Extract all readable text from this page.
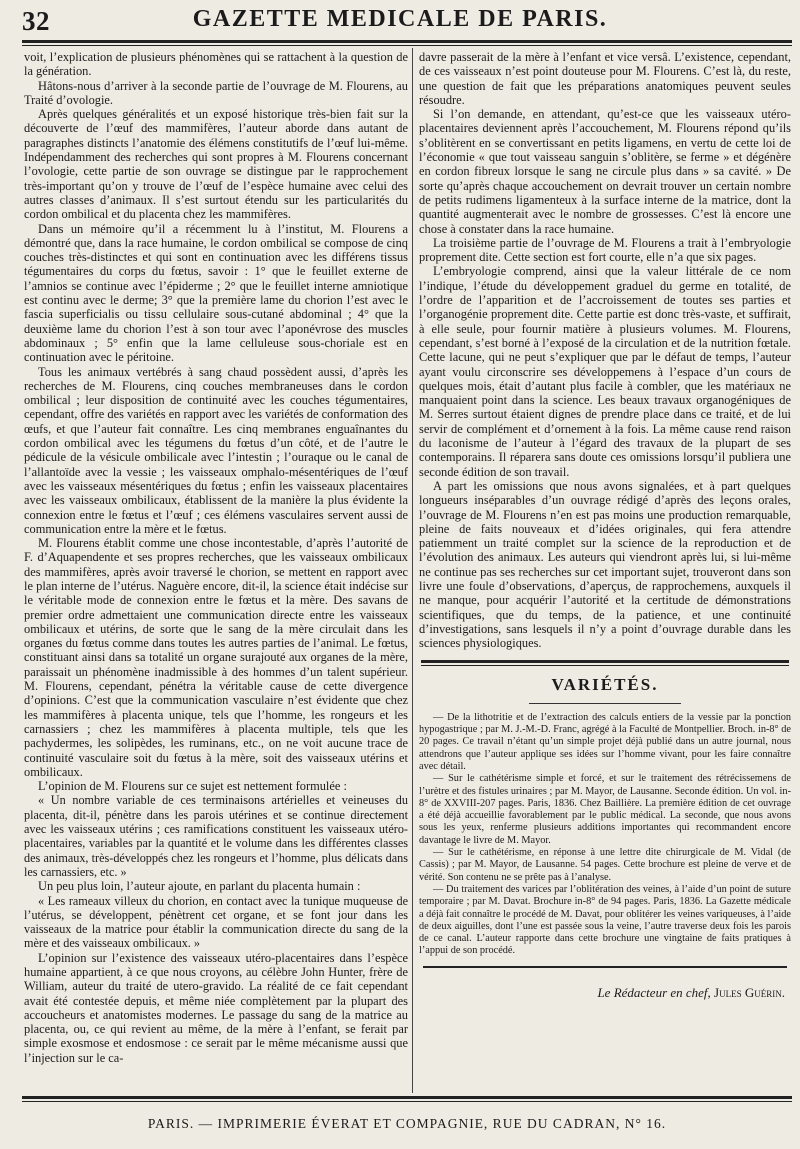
32	GAZETTE MEDICALE DE PARIS.

voit, l’explication de plusieurs phénomènes qui se rattachent à la question de la génération.

Hâtons-nous d’arriver à la seconde partie de l’ouvrage de M. Flourens, au Traité d’ovologie.

Après quelques généralités et un exposé historique très-bien fait sur la découverte de l’œuf des mammifères, l’auteur aborde dans autant de paragraphes distincts l’anatomie des élémens constitutifs de l’œuf lui-même. Indépendamment des recherches qui sont propres à M. Flourens concernant l’ovologie, cette partie de son ouvrage se distingue par le rapprochement très-important qu’on y trouve de l’œuf de l’espèce humaine avec celui des autres classes d’animaux. Il s’est surtout étendu sur les particularités du cordon ombilical et du placenta chez les mammifères.

Dans un mémoire qu’il a récemment lu à l’institut, M. Flourens a démontré que, dans la race humaine, le cordon ombilical se compose de cinq couches très-distinctes et qui sont en continuation avec les différens tissus tégumentaires du corps du fœtus, savoir : 1° que le feuillet externe de l’amnios se continue avec l’épiderme ; 2° que le feuillet interne amniotique est continu avec le derme; 3° que la première lame du chorion l’est avec le fascia superficialis ou tissu cellulaire sous-cutané abdominal ; 4° que la deuxième lame du chorion l’est à son tour avec l’aponévrose des muscles abdominaux ; 5° enfin que la lame celluleuse sous-choriale est en continuation avec le péritoine.

Tous les animaux vertébrés à sang chaud possèdent aussi, d’après les recherches de M. Flourens, cinq couches membraneuses dans le cordon ombilical ; leur disposition de continuité avec les couches tégumentaires, cependant, offre des variétés en rapport avec les variétés de conformation des œufs, et que l’auteur fait connaître. Les cinq membranes enguaînantes du cordon ombilical avec les tégumens du fœtus d’un côté, et de l’autre le pédicule de la vésicule ombilicale avec l’intestin ; l’ouraque ou le canal de l’allantoïde avec la vessie ; les vaisseaux omphalo-mésentériques de l’œuf avec les vaisseaux mésentériques du fœtus ; enfin les vaisseaux placentaires avec les vaisseaux ombilicaux, établissent de la manière la plus évidente la connexion entre le fœtus et l’œuf ; ces élémens vasculaires servent aussi de communication entre la mère et le fœtus.

M. Flourens établit comme une chose incontestable, d’après l’autorité de F. d’Aquapendente et ses propres recherches, que les vaisseaux ombilicaux des mammifères, après avoir traversé le chorion, se mettent en rapport avec le plan interne de l’utérus. Naguère encore, dit-il, la science était indécise sur le véritable mode de connexion entre le fœtus et la mère. Des savans de premier ordre admettaient une communication directe entre les vaisseaux ombilicaux et utérins, de sorte que le sang de la mère circulait dans les organes du fœtus comme dans toutes les autres parties de l’animal. Le fœtus, constituant ainsi dans sa totalité un organe surajouté aux organes de la mère, paraissait un phénomène inadmissible à des hommes d’un talent supérieur. M. Flourens, cependant, pénétra la véritable cause de cette divergence d’opinions. C’est que la communication vasculaire n’est évidente que chez les mammifères à placenta unique, tels que l’homme, les rongeurs et les carnassiers ; chez les mammifères à placenta multiple, tels que les pachydermes, les solipèdes, les ruminans, etc., on ne voit aucune trace de continuité vasculaire soit du fœtus à la mère, soit des vaisseaux utérins et ombilicaux.

L’opinion de M. Flourens sur ce sujet est nettement formulée :

« Un nombre variable de ces terminaisons artérielles et veineuses du placenta, dit-il, pénètre dans les parois utérines et se continue directement avec les vaisseaux utérins ; ces ramifications constituent les vaisseaux utéro-placentaires, variables par la quantité et le volume dans les différentes classes des animaux, très-développés chez les rongeurs et l’homme, plus délicats dans les carnassiers, etc. »

Un peu plus loin, l’auteur ajoute, en parlant du placenta humain :

« Les rameaux villeux du chorion, en contact avec la tunique muqueuse de l’utérus, se développent, pénètrent cet organe, et se font jour dans les vaisseaux de la matrice pour établir la communication directe du sang de la mère et des vaisseaux ombilicaux. »

L’opinion sur l’existence des vaisseaux utéro-placentaires dans l’espèce humaine appartient, à ce que nous croyons, au célèbre John Hunter, frère de William, auteur du traité de utero-gravido. La réalité de ce fait cependant avait été contestée depuis, et même niée complètement par la plupart des accoucheurs et anatomistes modernes. Le passage du sang de la matrice au placenta, ou, ce qui revient au même, de la mère à l’enfant, se ferait par simple exosmose et endosmose : ce serait par le même mécanisme aussi que l’injection sur le ca-

davre passerait de la mère à l’enfant et vice versâ. L’existence, cependant, de ces vaisseaux n’est point douteuse pour M. Flourens. C’est là, du reste, une question de fait que les préparations anatomiques peuvent seules résoudre.

Si l’on demande, en attendant, qu’est-ce que les vaisseaux utéro-placentaires deviennent après l’accouchement, M. Flourens répond qu’ils s’oblitèrent en se convertissant en petits ligamens, en vertu de cette loi de l’économie « que tout vaisseau sanguin s’oblitère, se ferme » et dégénère en cordon fibreux lorsque le sang ne circule plus dans » sa cavité. » De sorte qu’après chaque accouchement on devrait trouver un certain nombre de petits rudimens ligamenteux à la surface interne de la matrice, dont la quantité augmenterait avec le nombre de grossesses. C’est là encore une chose à constater dans la race humaine.

La troisième partie de l’ouvrage de M. Flourens a trait à l’embryologie proprement dite. Cette section est fort courte, elle n’a que six pages.

L’embryologie comprend, ainsi que la valeur littérale de ce nom l’indique, l’étude du développement graduel du germe en totalité, de l’ordre de l’apparition et de l’accroissement de toutes ses parties et l’organogénie proprement dite. Cette partie est donc très-vaste, et suffirait, à elle seule, pour fournir matière à plusieurs volumes. M. Flourens, cependant, s’est borné à l’exposé de la circulation et de la nutrition fœtale. Cette lacune, qui ne peut s’expliquer que par le défaut de temps, l’auteur ayant voulu circonscrire ses développemens à l’espace d’un cours de quelques mois, était d’autant plus facile à combler, que les matériaux ne manquaient point dans la science. Les beaux travaux organogéniques de M. Serres surtout étaient dignes de prendre place dans ce traité, et de lui servir de complément et d’ornement à la fois. La même cause rend raison du laconisme de l’auteur à l’égard des travaux de la plupart de ses contemporains. Il réparera sans doute ces omissions lorsqu’il publiera une seconde édition de son travail.

A part les omissions que nous avons signalées, et à part quelques longueurs inséparables d’un ouvrage rédigé d’après des leçons orales, l’ouvrage de M. Flourens n’en est pas moins une production remarquable, pleine de faits nouveaux et d’idées originales, qui fera attendre patiemment un traité complet sur la science de la reproduction et de l’évolution des animaux. Les auteurs qui viendront après lui, si lui-même ne continue pas ses recherches sur cet important sujet, trouveront dans son livre une foule d’observations, d’aperçus, de rapprochemens, auxquels il ne manque, pour acquérir l’autorité et la certitude de démonstrations scientifiques, que du temps, de la patience, et une continuité d’investigations, sans lesquels il n’y a point d’ouvrage durable dans les sciences physiologiques.

VARIÉTÉS.

— De la lithotritie et de l’extraction des calculs entiers de la vessie par la ponction hypogastrique ; par M. J.-M.-D. Franc, agrégé à la Faculté de Montpellier. Broch. in-8° de 20 pages. Ce travail n’étant qu’un simple projet déjà publié dans un autre journal, nous attendrons que l’auteur applique ses idées sur l’homme vivant, pour les faire connaître avec détail.

— Sur le cathétérisme simple et forcé, et sur le traitement des rétrécissemens de l’urètre et des fistules urinaires ; par M. Mayor, de Lausanne. Seconde édition. Un vol. in-8° de XXVIII-207 pages. Paris, 1836. Chez Baillière. La première édition de cet ouvrage a été déjà accueillie favorablement par le public médical. La seconde, que nous avons sous les yeux, renferme plusieurs additions importantes qui recommandent encore davantage le livre de M. Mayor.

— Sur le cathétérisme, en réponse à une lettre dite chirurgicale de M. Vidal (de Cassis) ; par M. Mayor, de Lausanne. 54 pages. Cette brochure est pleine de verve et de vérité. Son contenu ne se prête pas à l’analyse.

— Du traitement des varices par l’oblitération des veines, à l’aide d’un point de suture temporaire ; par M. Davat. Brochure in-8° de 94 pages. Paris, 1836. La Gazette médicale a déjà fait connaître le procédé de M. Davat, pour oblitérer les veines variqueuses, à l’aide de deux aiguilles, dont l’une est passée sous la veine, l’autre traverse deux fois les parois de ce canal. L’auteur rapporte dans cette brochure une vingtaine de faits pratiques à l’appui de son procédé.

Le Rédacteur en chef, Jules Guérin.
PARIS. — IMPRIMERIE ÉVERAT ET COMPAGNIE, RUE DU CADRAN, N° 16.
